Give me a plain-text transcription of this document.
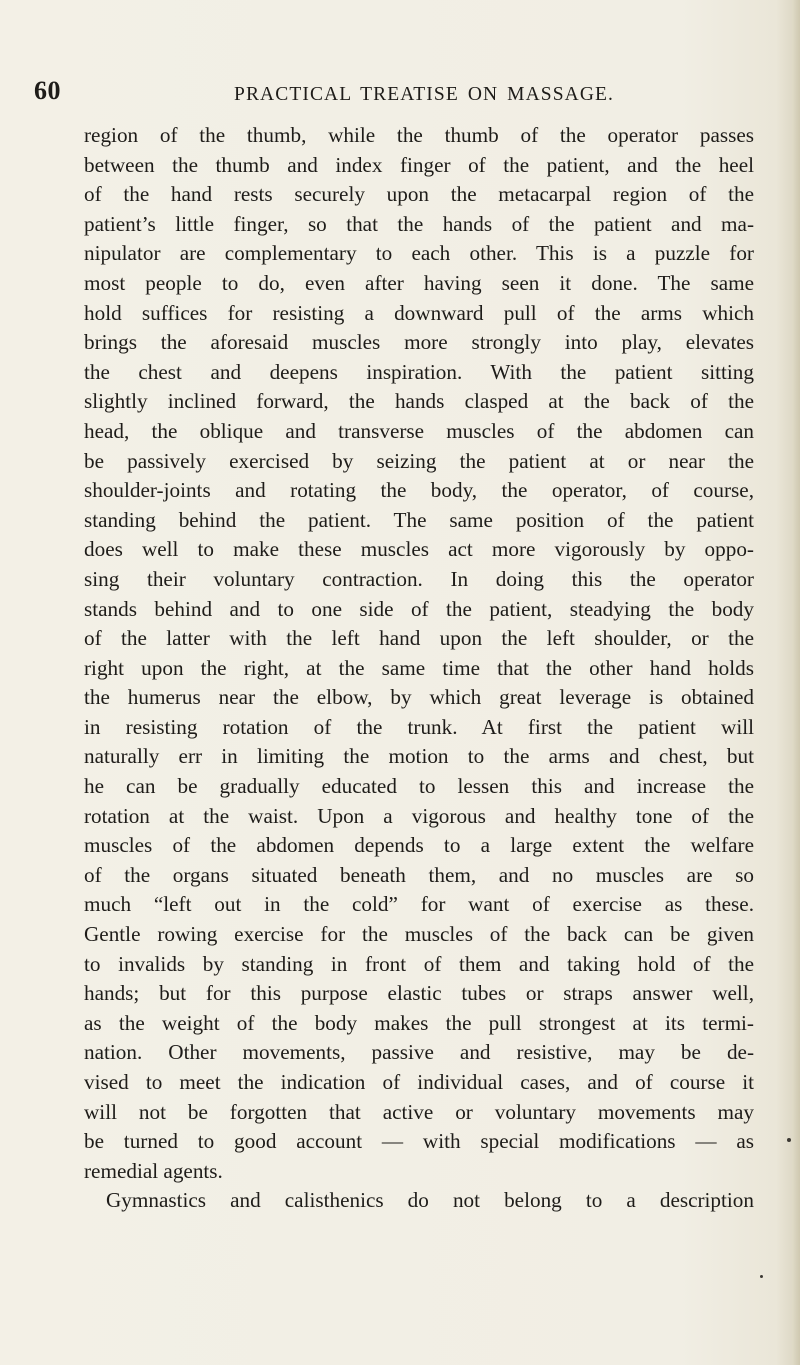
60	PRACTICAL TREATISE ON MASSAGE.
region of the thumb, while the thumb of the operator passes
between the thumb and index finger of the patient, and the heel
of the hand rests securely upon the metacarpal region of the
patient’s little finger, so that the hands of the patient and ma-
nipulator are complementary to each other. This is a puzzle for
most people to do, even after having seen it done. The same
hold suffices for resisting a downward pull of the arms which
brings the aforesaid muscles more strongly into play, elevates
the chest and deepens inspiration. With the patient sitting
slightly inclined forward, the hands clasped at the back of the
head, the oblique and transverse muscles of the abdomen can
be passively exercised by seizing the patient at or near the
shoulder-joints and rotating the body, the operator, of course,
standing behind the patient. The same position of the patient
does well to make these muscles act more vigorously by oppo-
sing their voluntary contraction. In doing this the operator
stands behind and to one side of the patient, steadying the body
of the latter with the left hand upon the left shoulder, or the
right upon the right, at the same time that the other hand holds
the humerus near the elbow, by which great leverage is obtained
in resisting rotation of the trunk. At first the patient will
naturally err in limiting the motion to the arms and chest, but
he can be gradually educated to lessen this and increase the
rotation at the waist. Upon a vigorous and healthy tone of the
muscles of the abdomen depends to a large extent the welfare
of the organs situated beneath them, and no muscles are so
much “left out in the cold” for want of exercise as these.
Gentle rowing exercise for the muscles of the back can be given
to invalids by standing in front of them and taking hold of the
hands; but for this purpose elastic tubes or straps answer well,
as the weight of the body makes the pull strongest at its termi-
nation. Other movements, passive and resistive, may be de-
vised to meet the indication of individual cases, and of course it
will not be forgotten that active or voluntary movements may
be turned to good account — with special modifications — as
remedial agents.
Gymnastics and calisthenics do not belong to a description
